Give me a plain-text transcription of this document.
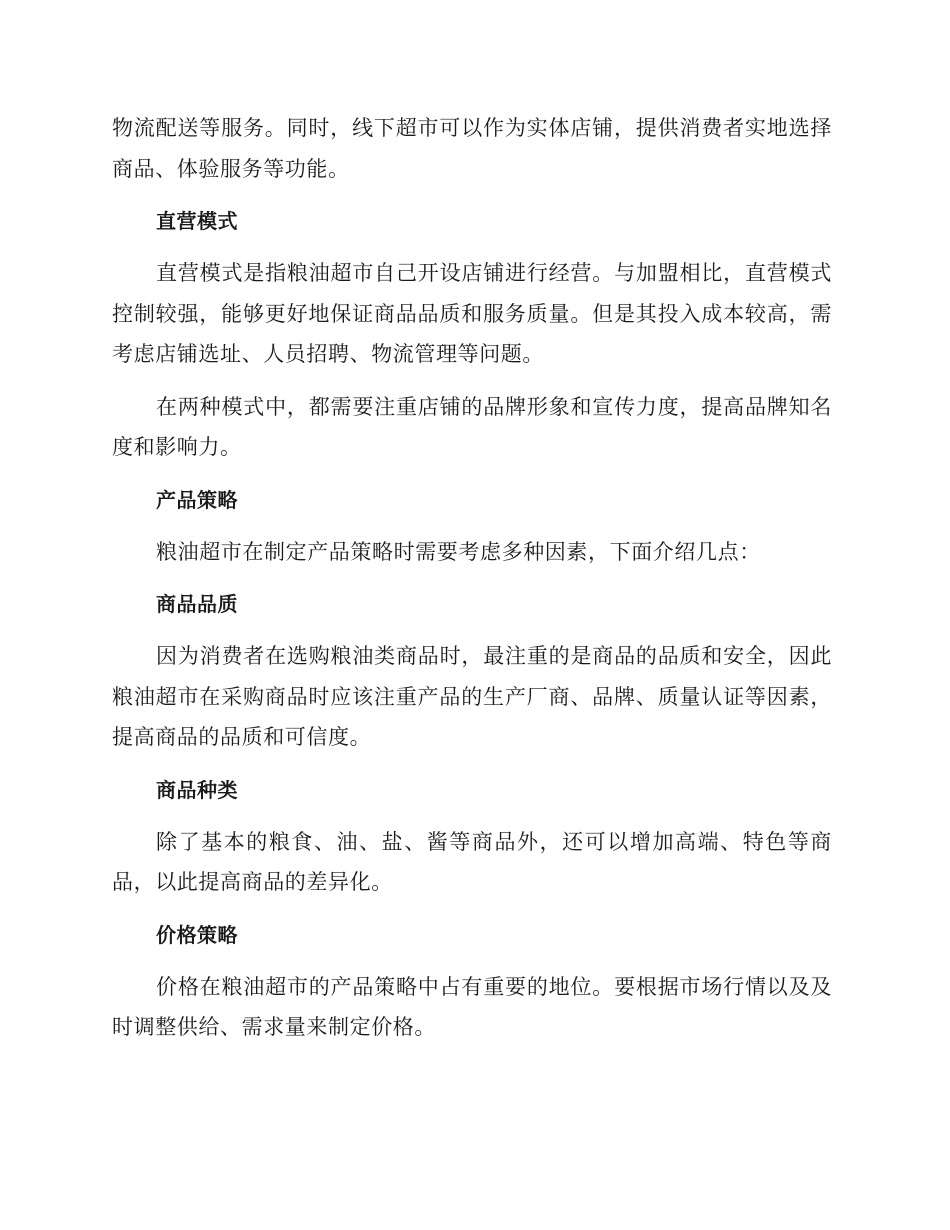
物流配送等服务。同时，线下超市可以作为实体店铺，提供消费者实地选择商品、体验服务等功能。

直营模式

直营模式是指粮油超市自己开设店铺进行经营。与加盟相比，直营模式控制较强，能够更好地保证商品品质和服务质量。但是其投入成本较高，需考虑店铺选址、人员招聘、物流管理等问题。

在两种模式中，都需要注重店铺的品牌形象和宣传力度，提高品牌知名度和影响力。

产品策略

粮油超市在制定产品策略时需要考虑多种因素，下面介绍几点：

商品品质

因为消费者在选购粮油类商品时，最注重的是商品的品质和安全，因此粮油超市在采购商品时应该注重产品的生产厂商、品牌、质量认证等因素，提高商品的品质和可信度。

商品种类

除了基本的粮食、油、盐、酱等商品外，还可以增加高端、特色等商品，以此提高商品的差异化。

价格策略

价格在粮油超市的产品策略中占有重要的地位。要根据市场行情以及及时调整供给、需求量来制定价格。
